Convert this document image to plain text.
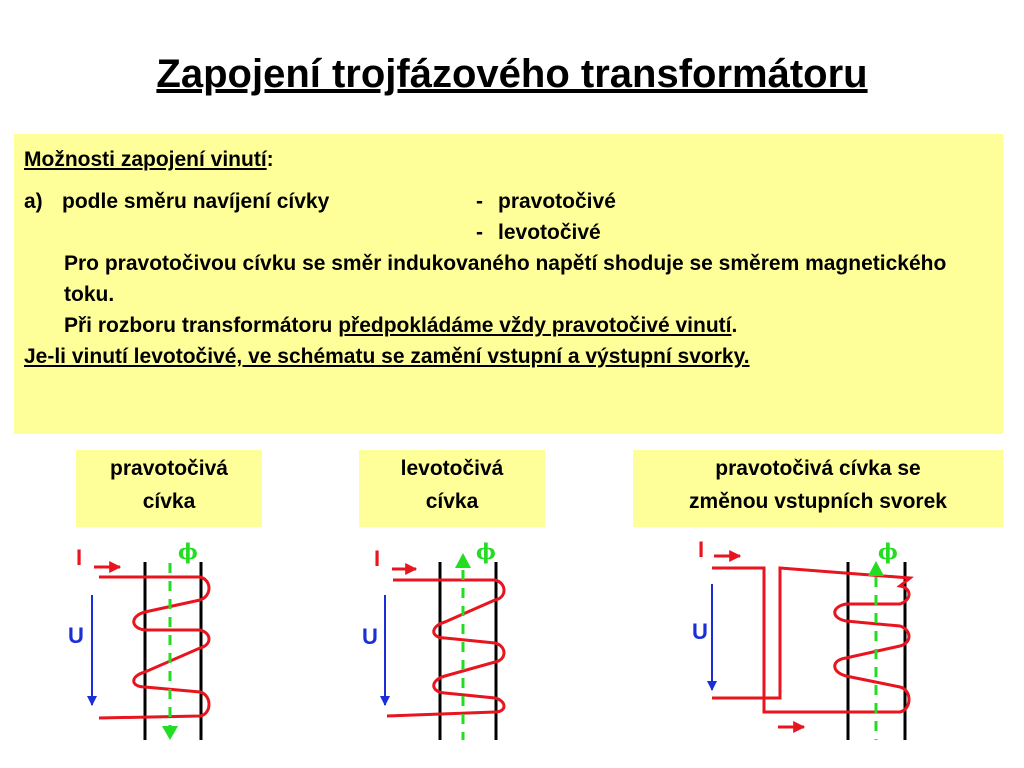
Zapojení trojfázového transformátoru

Možnosti zapojení vinutí:

a) podle směru navíjení cívky	- pravotočivé
- levotočivé

Pro pravotočivou cívku se směr indukovaného napětí shoduje se směrem magnetického toku.

Při rozboru transformátoru předpokládáme vždy pravotočivé vinutí.

Je-li vinutí levotočivé, ve schématu se zamění vstupní a výstupní svorky.

pravotočivá
cívka
levotočivá
cívka
pravotočivá cívka se
změnou vstupních svorek
I
U
ϕ	I
U
ϕ	I
U
ϕ
